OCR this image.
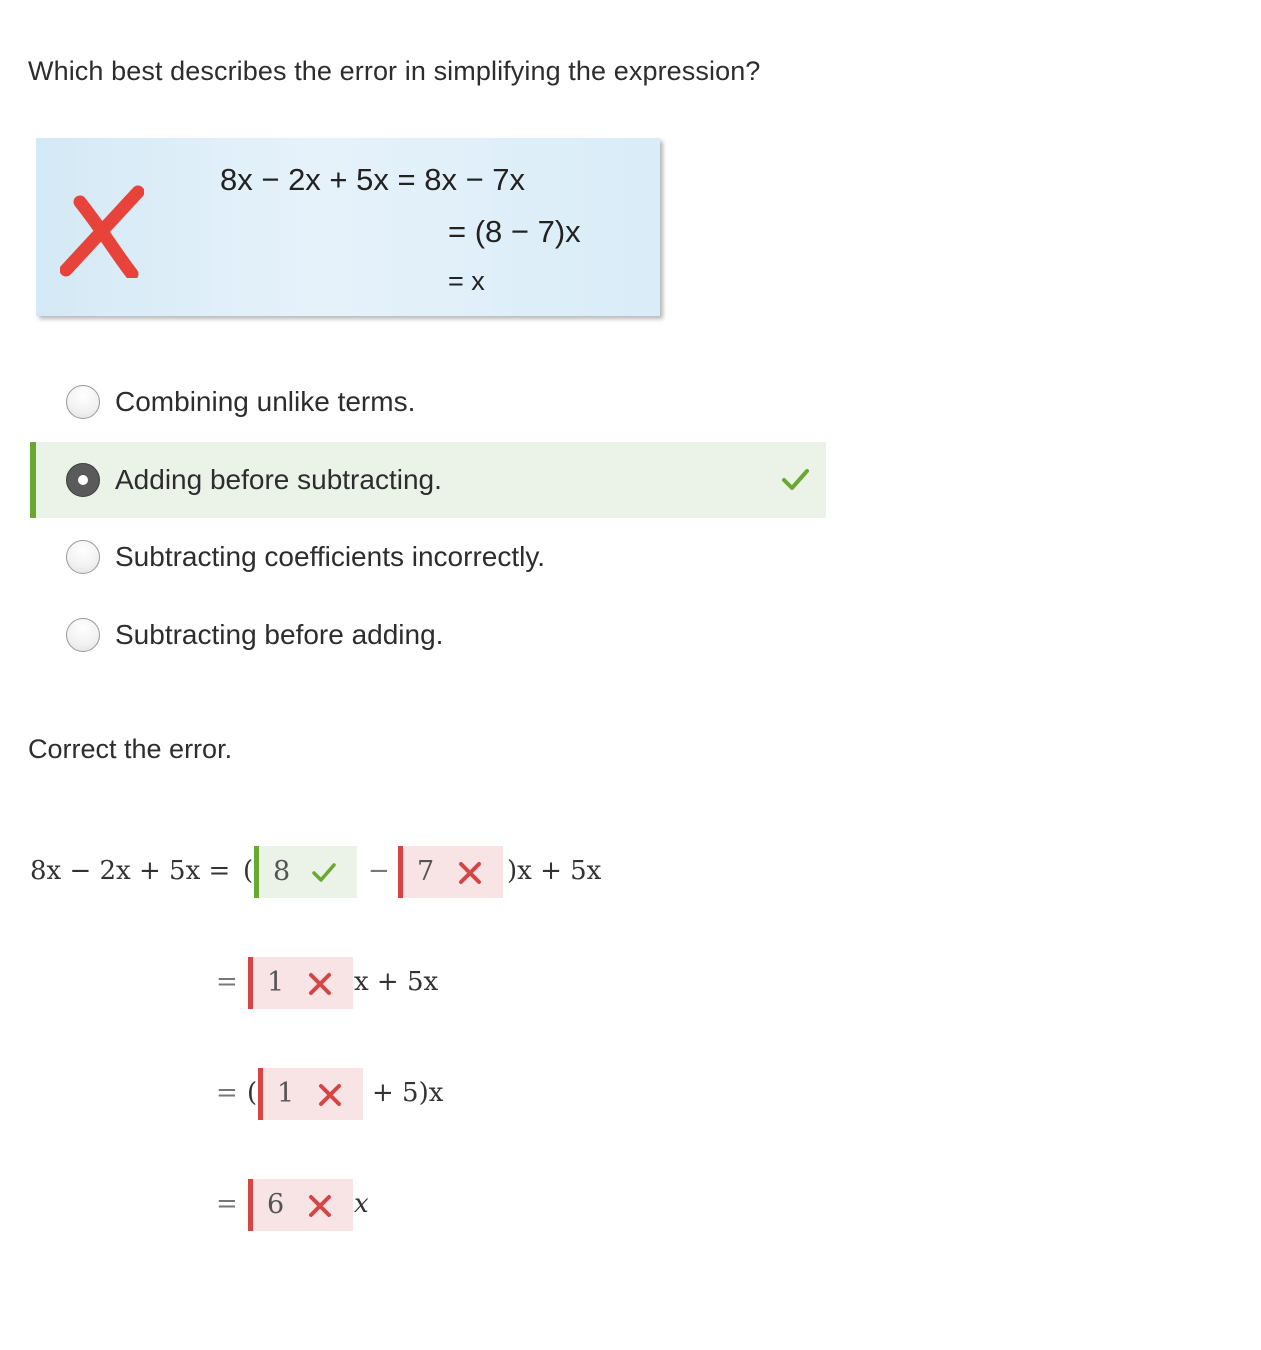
Which best describes the error in simplifying the expression?
8x − 2x + 5x = 8x − 7x
= (8 − 7)x
= x
Combining unlike terms.
Adding before subtracting.
Subtracting coefficients incorrectly.
Subtracting before adding.
Correct the error.
8x − 2x + 5x = ( 8	− 7	)x + 5x
= 1	x + 5x
= ( 1	+ 5)x
= 6	x
